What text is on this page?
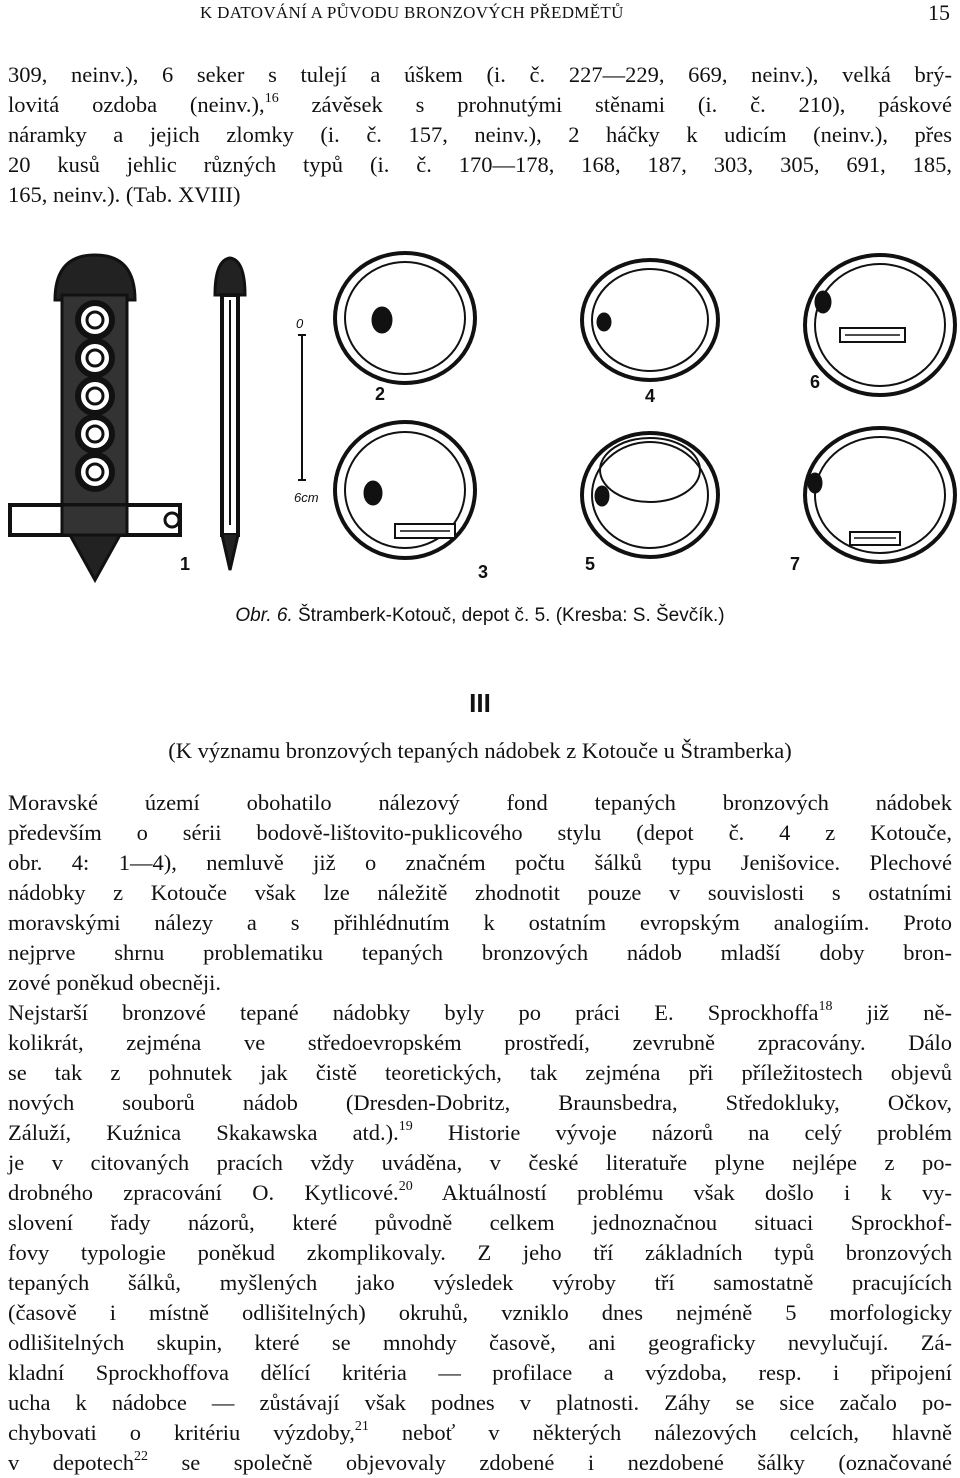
K DATOVÁNÍ A PŮVODU BRONZOVÝCH PŘEDMĚTŮ	15
309, neinv.), 6 seker s tulejí a úškem (i. č. 227—229, 669, neinv.), velká brý-
lovitá ozdoba (neinv.),$^{16}$ závěsek s prohnutými stěnami (i. č. 210), páskové
náramky a jejich zlomky (i. č. 157, neinv.), 2 háčky k udicím (neinv.), přes
20 kusů jehlic různých typů (i. č. 170—178, 168, 187, 303, 305, 691, 185,
165, neinv.). (Tab. XVIII)
0
6cm
1
2
3
4
5
6
7
Obr. 6. Štramberk-Kotouč, depot č. 5. (Kresba: S. Ševčík.)
III
(K významu bronzových tepaných nádobek z Kotouče u Štramberka)
Moravské území obohatilo nálezový fond tepaných bronzových nádobek
především o sérii bodově-lištovito-puklicového stylu (depot č. 4 z Kotouče,
obr. 4: 1—4), nemluvě již o značném počtu šálků typu Jenišovice. Plechové
nádobky z Kotouče však lze náležitě zhodnotit pouze v souvislosti s ostatními
moravskými nálezy a s přihlédnutím k ostatním evropským analogiím. Proto
nejprve shrnu problematiku tepaných bronzových nádob mladší doby bron-
zové poněkud obecněji.
Nejstarší bronzové tepané nádobky byly po práci E. Sprockhoffa$^{18}$ již ně-
kolikrát, zejména ve středoevropském prostředí, zevrubně zpracovány. Dálo
se tak z pohnutek jak čistě teoretických, tak zejména při příležitostech objevů
nových souborů nádob (Dresden-Dobritz, Braunsbedra, Středokluky, Očkov,
Záluží, Kuźnica Skakawska atd.).$^{19}$ Historie vývoje názorů na celý problém
je v citovaných pracích vždy uváděna, v české literatuře plyne nejlépe z po-
drobného zpracování O. Kytlicové.$^{20}$ Aktuálností problému však došlo i k vy-
slovení řady názorů, které původně celkem jednoznačnou situaci Sprockhof-
fovy typologie poněkud zkomplikovaly. Z jeho tří základních typů bronzových
tepaných šálků, myšlených jako výsledek výroby tří samostatně pracujících
(časově i místně odlišitelných) okruhů, vzniklo dnes nejméně 5 morfologicky
odlišitelných skupin, které se mnohdy časově, ani geograficky nevylučují. Zá-
kladní Sprockhoffova dělící kritéria — profilace a výzdoba, resp. i připojení
ucha k nádobce — zůstávají však podnes v platnosti. Záhy se sice začalo po-
chybovati o kritériu výzdoby,$^{21}$ neboť v některých nálezových celcích, hlavně
v depotech$^{22}$ se společně objevovaly zdobené i nezdobené šálky (označované
